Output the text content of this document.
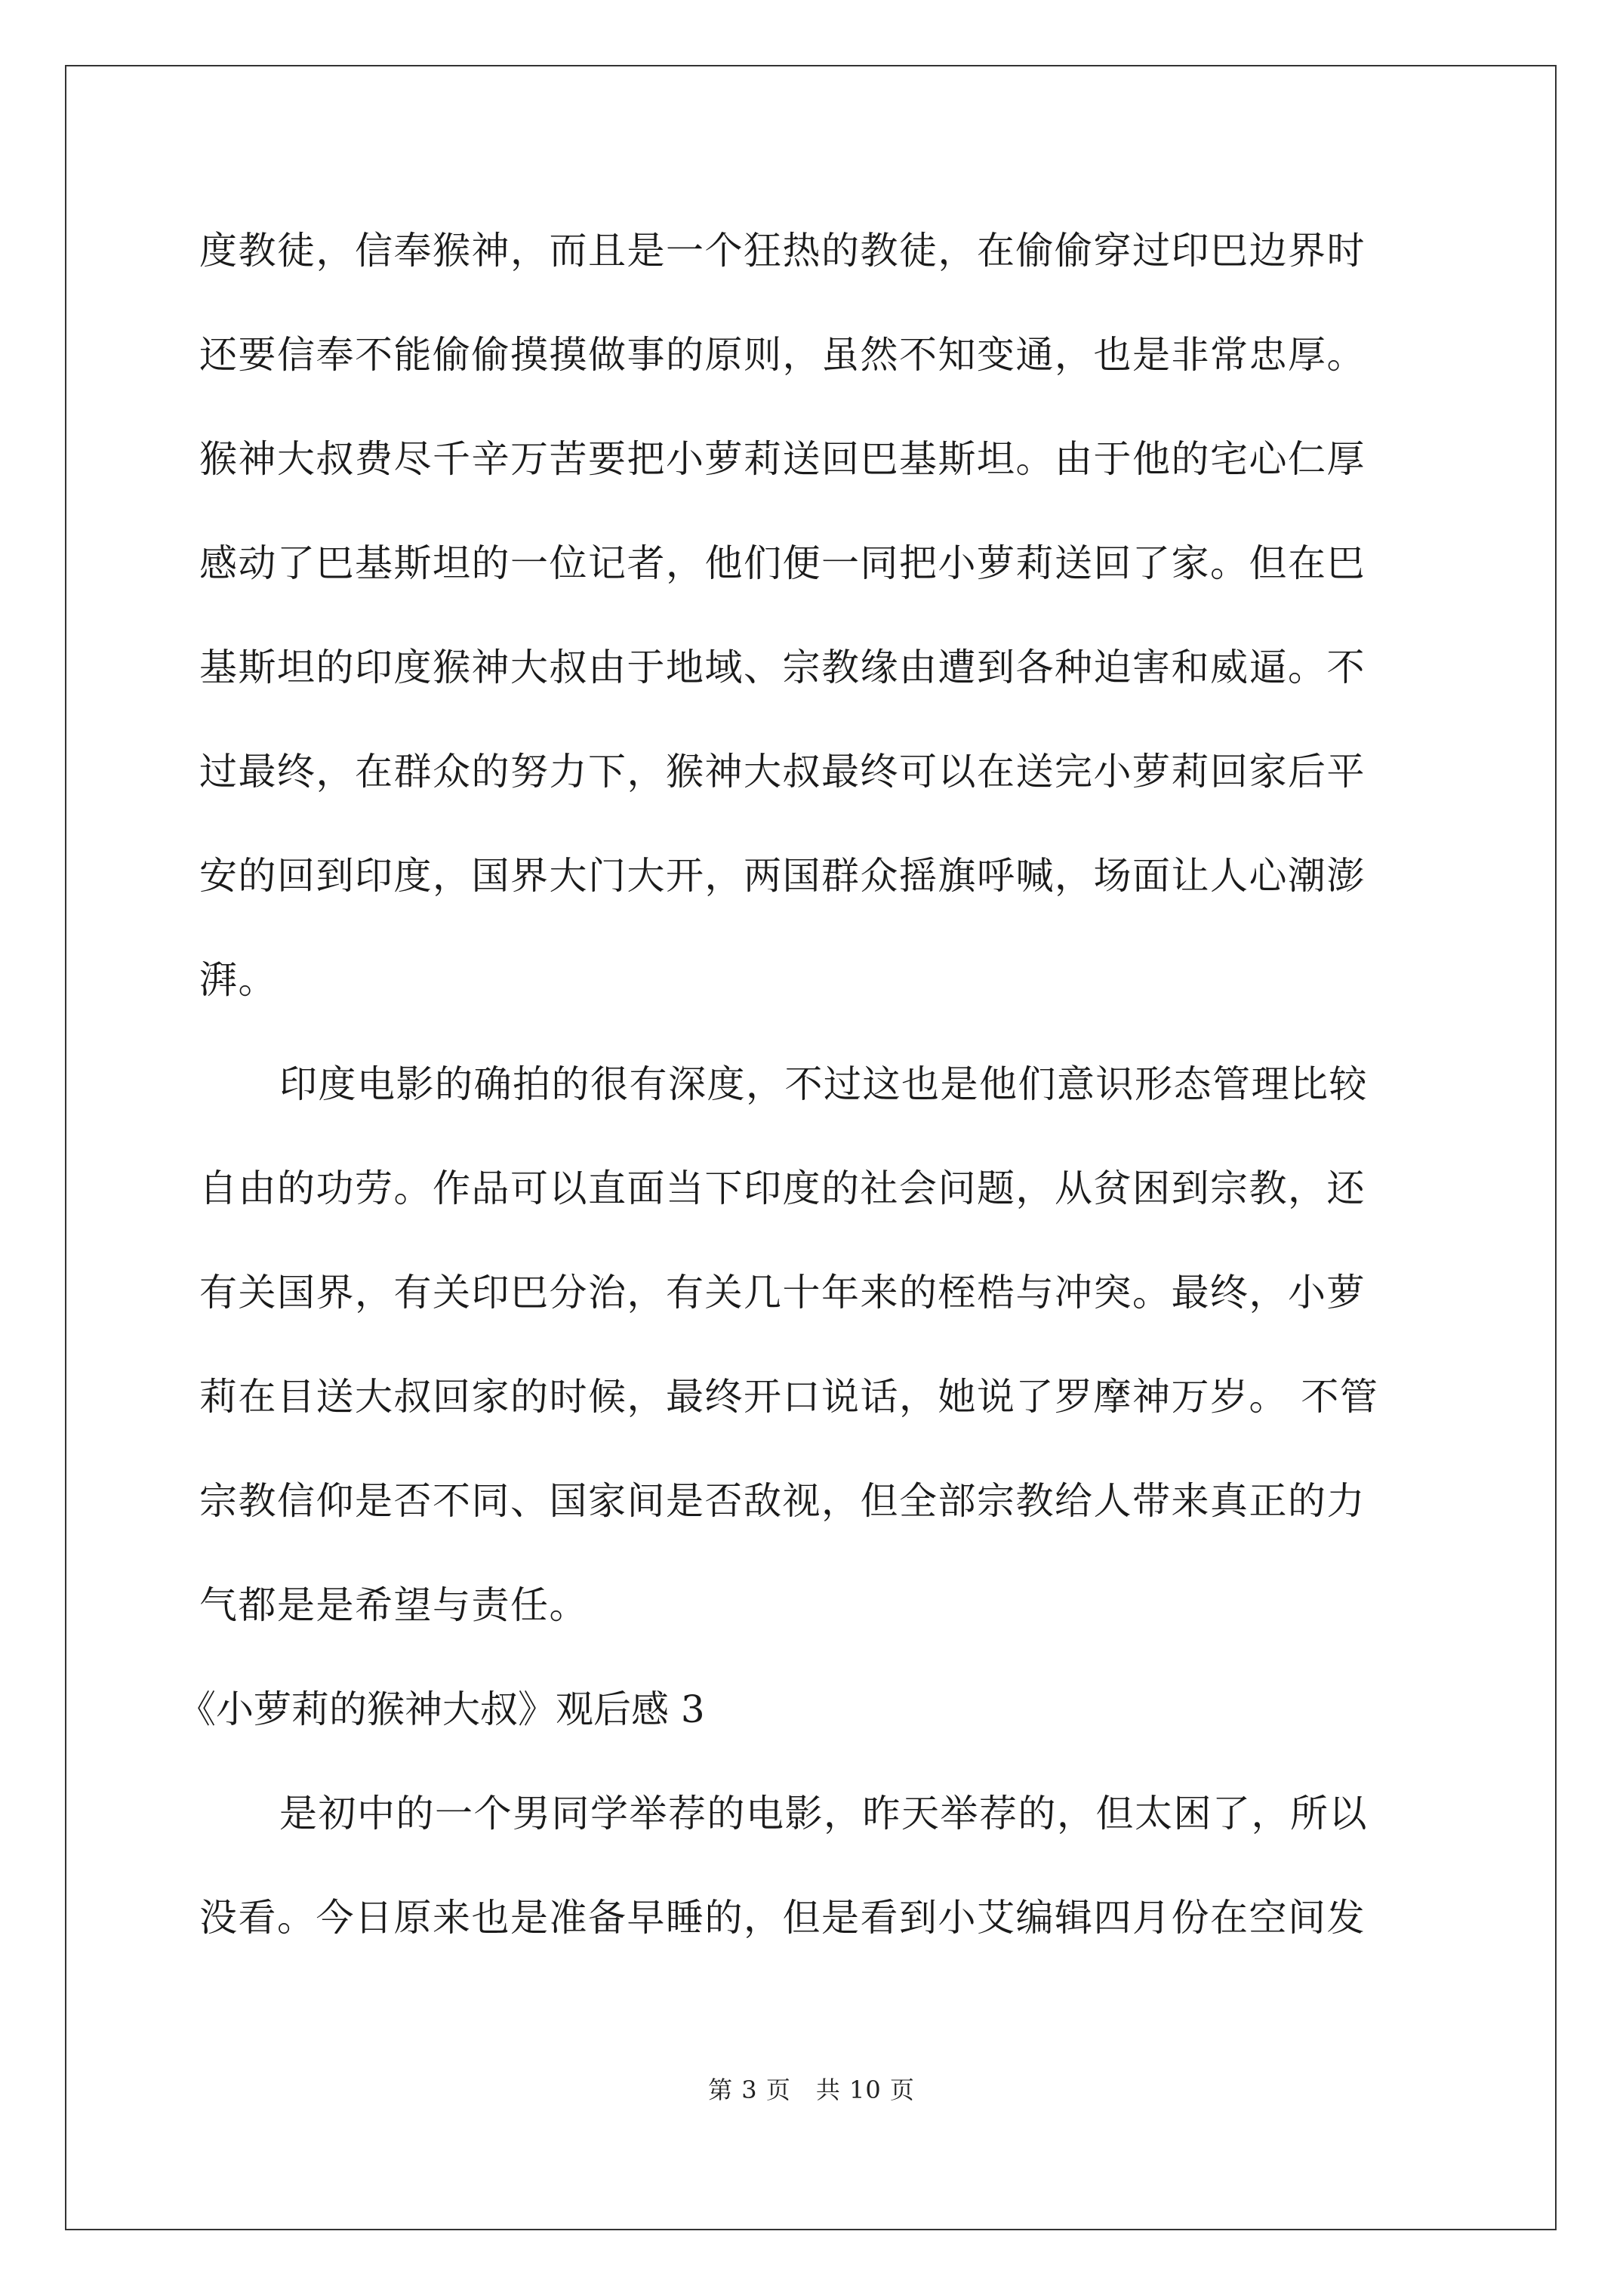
度教徒，信奉猴神，而且是一个狂热的教徒，在偷偷穿过印巴边界时
还要信奉不能偷偷摸摸做事的原则，虽然不知变通，也是非常忠厚。
猴神大叔费尽千辛万苦要把小萝莉送回巴基斯坦。由于他的宅心仁厚
感动了巴基斯坦的一位记者，他们便一同把小萝莉送回了家。但在巴
基斯坦的印度猴神大叔由于地域、宗教缘由遭到各种迫害和威逼。不
过最终，在群众的努力下，猴神大叔最终可以在送完小萝莉回家后平
安的回到印度，国界大门大开，两国群众摇旗呼喊，场面让人心潮澎
湃。
印度电影的确拍的很有深度，不过这也是他们意识形态管理比较
自由的功劳。作品可以直面当下印度的社会问题，从贫困到宗教，还
有关国界，有关印巴分治，有关几十年来的桎梏与冲突。最终，小萝
莉在目送大叔回家的时候，最终开口说话，她说了罗摩神万岁。 不管
宗教信仰是否不同、国家间是否敌视，但全部宗教给人带来真正的力
气都是是希望与责任。
《小萝莉的猴神大叔》观后感 3
是初中的一个男同学举荐的电影，昨天举荐的，但太困了，所以
没看。今日原来也是准备早睡的，但是看到小艾编辑四月份在空间发
第 3 页　共 10 页
